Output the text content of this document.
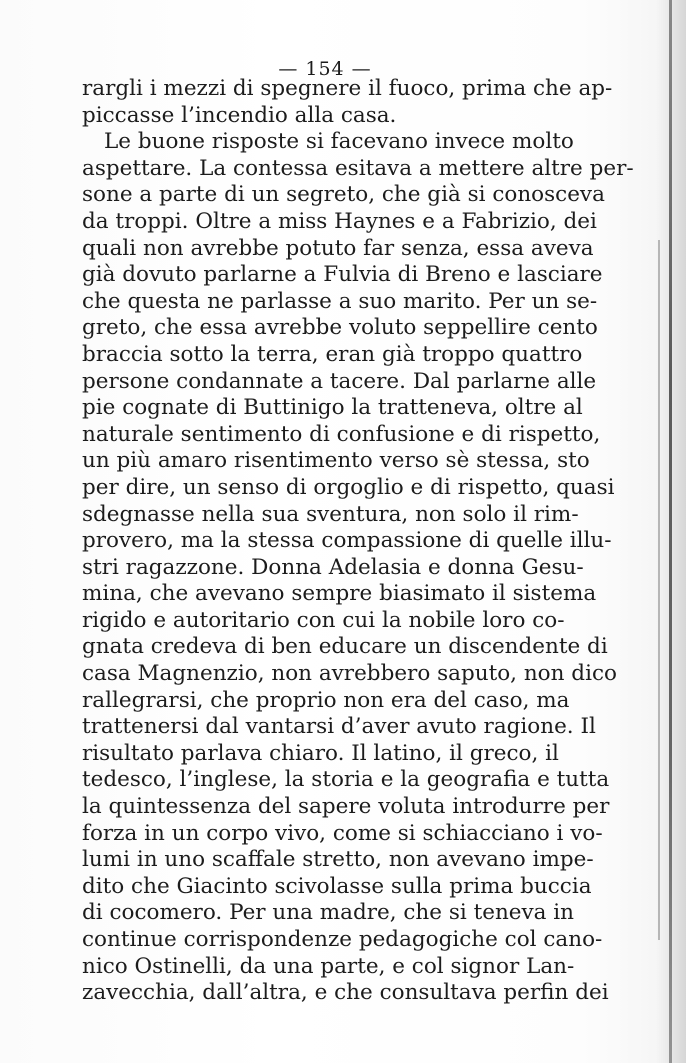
— 154 —
rargli i mezzi di spegnere il fuoco, prima che ap-
piccasse l’incendio alla casa.
Le buone risposte si facevano invece molto
aspettare. La contessa esitava a mettere altre per-
sone a parte di un segreto, che già si conosceva
da troppi. Oltre a miss Haynes e a Fabrizio, dei
quali non avrebbe potuto far senza, essa aveva
già dovuto parlarne a Fulvia di Breno e lasciare
che questa ne parlasse a suo marito. Per un se-
greto, che essa avrebbe voluto seppellire cento
braccia sotto la terra, eran già troppo quattro
persone condannate a tacere. Dal parlarne alle
pie cognate di Buttinigo la tratteneva, oltre al
naturale sentimento di confusione e di rispetto,
un più amaro risentimento verso sè stessa, sto
per dire, un senso di orgoglio e di rispetto, quasi
sdegnasse nella sua sventura, non solo il rim-
provero, ma la stessa compassione di quelle illu-
stri ragazzone. Donna Adelasia e donna Gesu-
mina, che avevano sempre biasimato il sistema
rigido e autoritario con cui la nobile loro co-
gnata credeva di ben educare un discendente di
casa Magnenzio, non avrebbero saputo, non dico
rallegrarsi, che proprio non era del caso, ma
trattenersi dal vantarsi d’aver avuto ragione. Il
risultato parlava chiaro. Il latino, il greco, il
tedesco, l’inglese, la storia e la geografia e tutta
la quintessenza del sapere voluta introdurre per
forza in un corpo vivo, come si schiacciano i vo-
lumi in uno scaffale stretto, non avevano impe-
dito che Giacinto scivolasse sulla prima buccia
di cocomero. Per una madre, che si teneva in
continue corrispondenze pedagogiche col cano-
nico Ostinelli, da una parte, e col signor Lan-
zavecchia, dall’altra, e che consultava perfin dei
